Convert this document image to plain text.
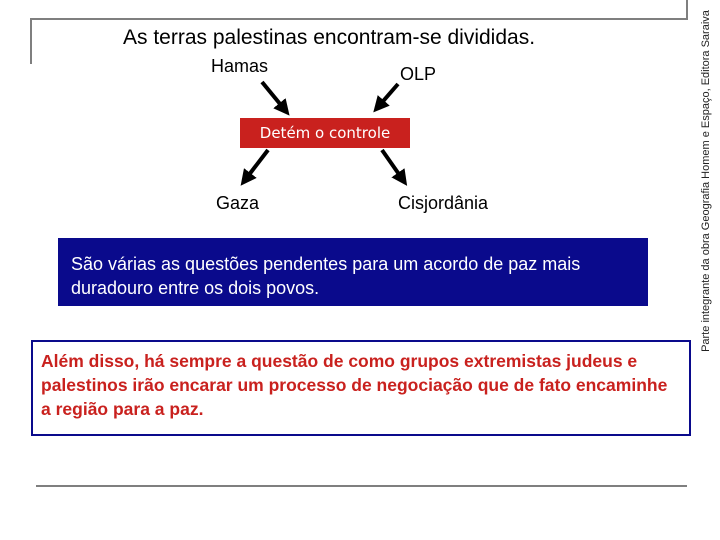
As terras palestinas encontram-se divididas.
Hamas	OLP
Detém o controle
Gaza	Cisjordânia
São várias as questões pendentes para um acordo de paz mais duradouro entre os dois povos.
Além disso, há sempre a questão de como grupos extremistas judeus e palestinos irão encarar um processo de negociação que de fato encaminhe a região para a paz.
Parte integrante da obra Geografia Homem e Espaço, Editora Saraiva
